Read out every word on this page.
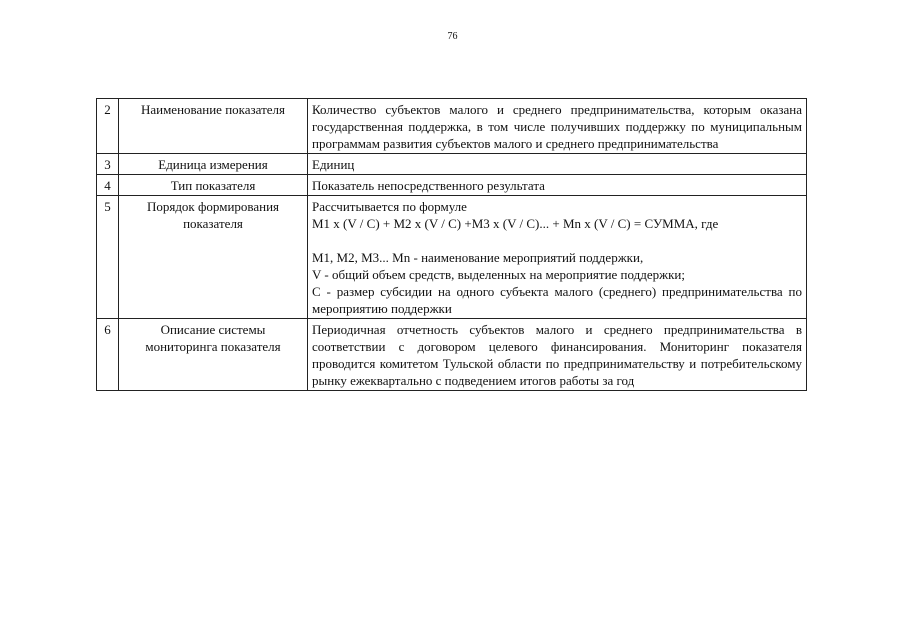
76
2	Наименование показателя	Количество субъектов малого и среднего предпринимательства, которым оказана государственная поддержка, в том числе получивших поддержку по муниципальным программам развития субъектов малого и среднего предпринимательства
3	Единица измерения	Единиц
4	Тип показателя	Показатель непосредственного результата
5	Порядок формирования показателя	Рассчитывается по формуле
М1 х (V / С) + М2 х (V / С) +М3 х (V / С)... + Мn х (V / С) = СУММА, где
М1, М2, М3... Мn - наименование мероприятий поддержки,
V - общий объем средств, выделенных на мероприятие поддержки;
С - размер субсидии на одного субъекта малого (среднего) предпринимательства по мероприятию поддержки

6	Описание системы мониторинга показателя	Периодичная отчетность субъектов малого и среднего предпринимательства в соответствии с договором целевого финансирования. Мониторинг показателя проводится комитетом Тульской области по предпринимательству и потребительскому рынку ежеквартально с подведением итогов работы за год
